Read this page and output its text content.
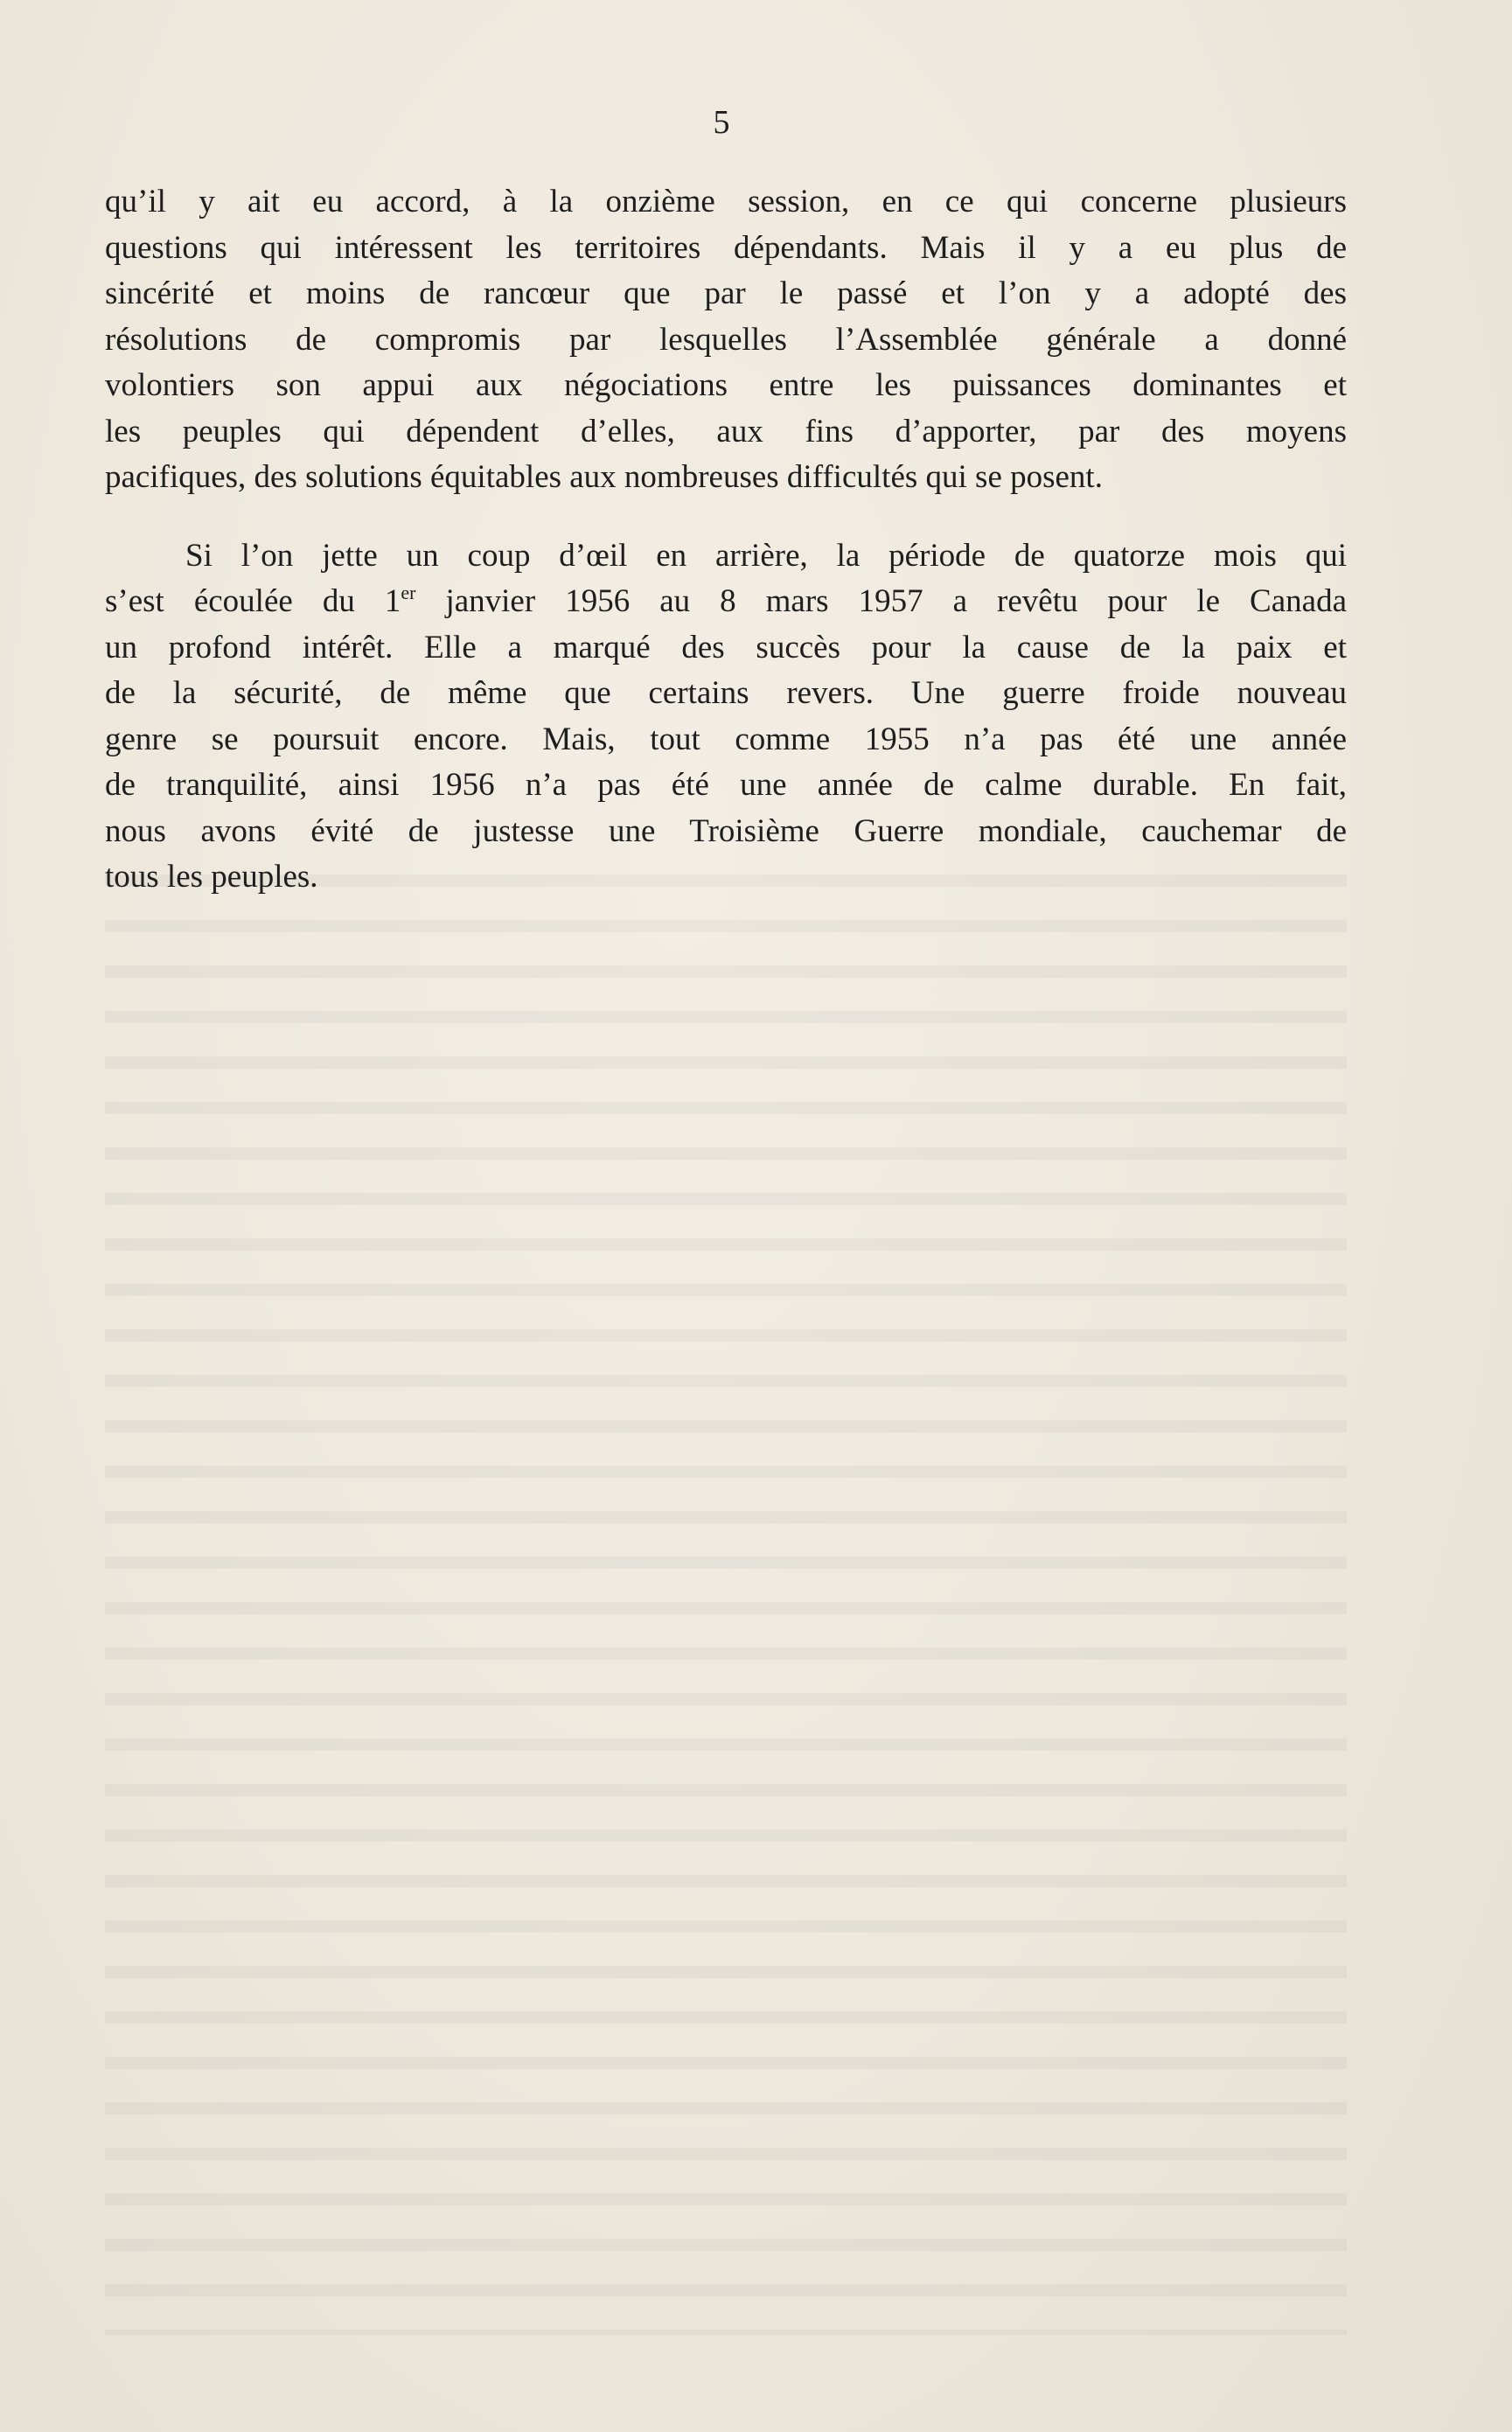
5

qu’il y ait eu accord, à la onzième session, en ce qui concerne plusieurs
questions qui intéressent les territoires dépendants. Mais il y a eu plus de
sincérité et moins de rancœur que par le passé et l’on y a adopté des
résolutions de compromis par lesquelles l’Assemblée générale a donné
volontiers son appui aux négociations entre les puissances dominantes et
les peuples qui dépendent d’elles, aux fins d’apporter, par des moyens
pacifiques, des solutions équitables aux nombreuses difficultés qui se posent.

Si l’on jette un coup d’œil en arrière, la période de quatorze mois qui
s’est écoulée du 1er janvier 1956 au 8 mars 1957 a revêtu pour le Canada
un profond intérêt. Elle a marqué des succès pour la cause de la paix et
de la sécurité, de même que certains revers. Une guerre froide nouveau
genre se poursuit encore. Mais, tout comme 1955 n’a pas été une année
de tranquilité, ainsi 1956 n’a pas été une année de calme durable. En fait,
nous avons évité de justesse une Troisième Guerre mondiale, cauchemar de
tous les peuples.
